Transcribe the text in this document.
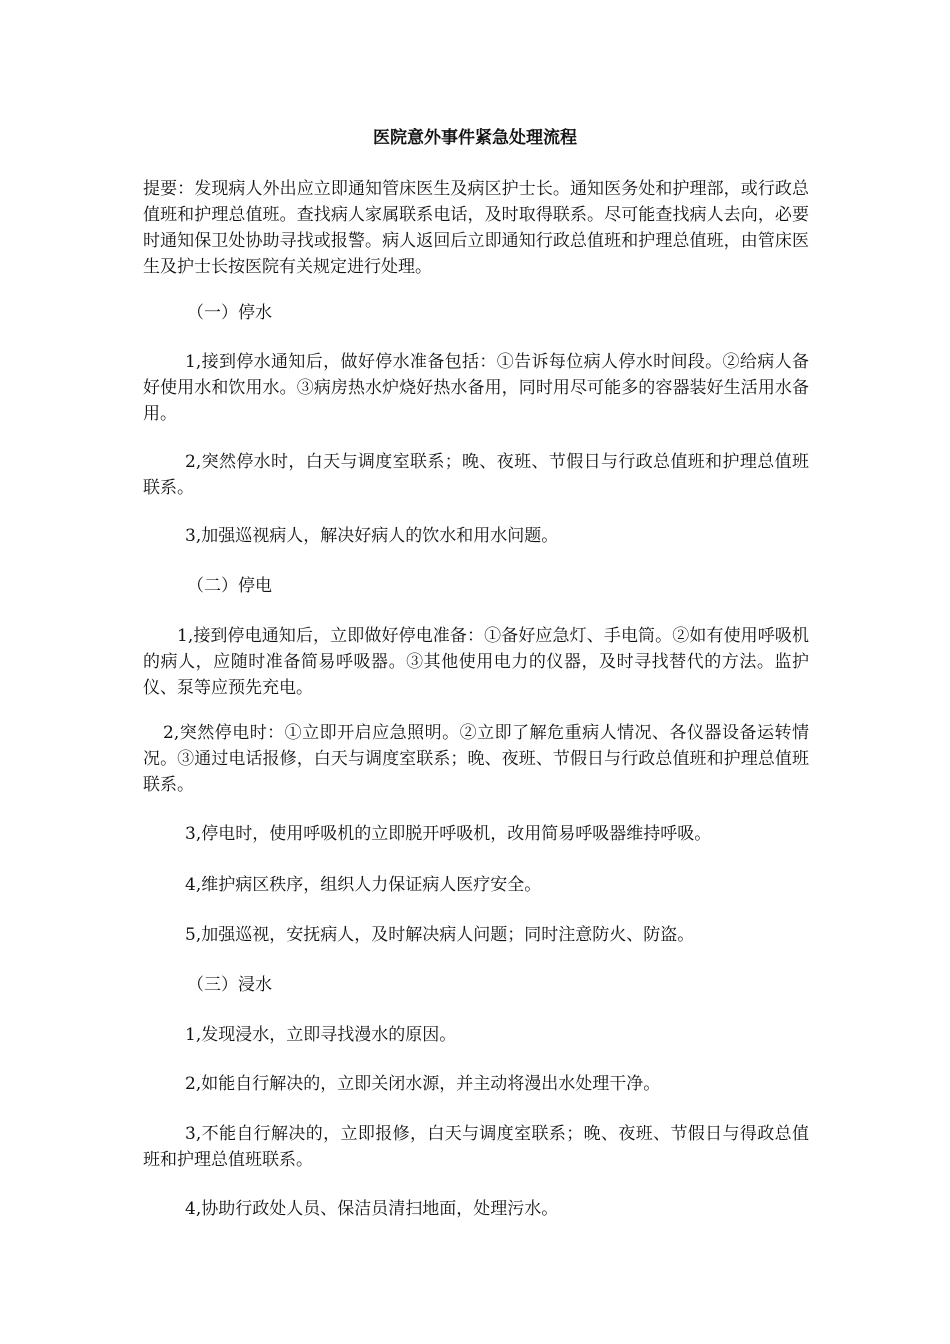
医院意外事件紧急处理流程

提要：发现病人外出应立即通知管床医生及病区护士长。通知医务处和护理部，或行政总值班和护理总值班。查找病人家属联系电话，及时取得联系。尽可能查找病人去向，必要时通知保卫处协助寻找或报警。病人返回后立即通知行政总值班和护理总值班，由管床医生及护士长按医院有关规定进行处理。

（一）停水

1,接到停水通知后，做好停水准备包括：①告诉每位病人停水时间段。②给病人备好使用水和饮用水。③病房热水炉烧好热水备用，同时用尽可能多的容器装好生活用水备用。

2,突然停水时，白天与调度室联系；晚、夜班、节假日与行政总值班和护理总值班联系。

3,加强巡视病人，解决好病人的饮水和用水问题。

（二）停电

1,接到停电通知后，立即做好停电准备：①备好应急灯、手电筒。②如有使用呼吸机的病人，应随时准备简易呼吸器。③其他使用电力的仪器，及时寻找替代的方法。监护仪、泵等应预先充电。

2,突然停电时：①立即开启应急照明。②立即了解危重病人情况、各仪器设备运转情况。③通过电话报修，白天与调度室联系；晚、夜班、节假日与行政总值班和护理总值班联系。

3,停电时，使用呼吸机的立即脱开呼吸机，改用简易呼吸器维持呼吸。

4,维护病区秩序，组织人力保证病人医疗安全。

5,加强巡视，安抚病人，及时解决病人问题；同时注意防火、防盗。

（三）浸水

1,发现浸水，立即寻找漫水的原因。

2,如能自行解决的，立即关闭水源，并主动将漫出水处理干净。

3,不能自行解决的，立即报修，白天与调度室联系；晚、夜班、节假日与得政总值班和护理总值班联系。

4,协助行政处人员、保洁员清扫地面，处理污水。
